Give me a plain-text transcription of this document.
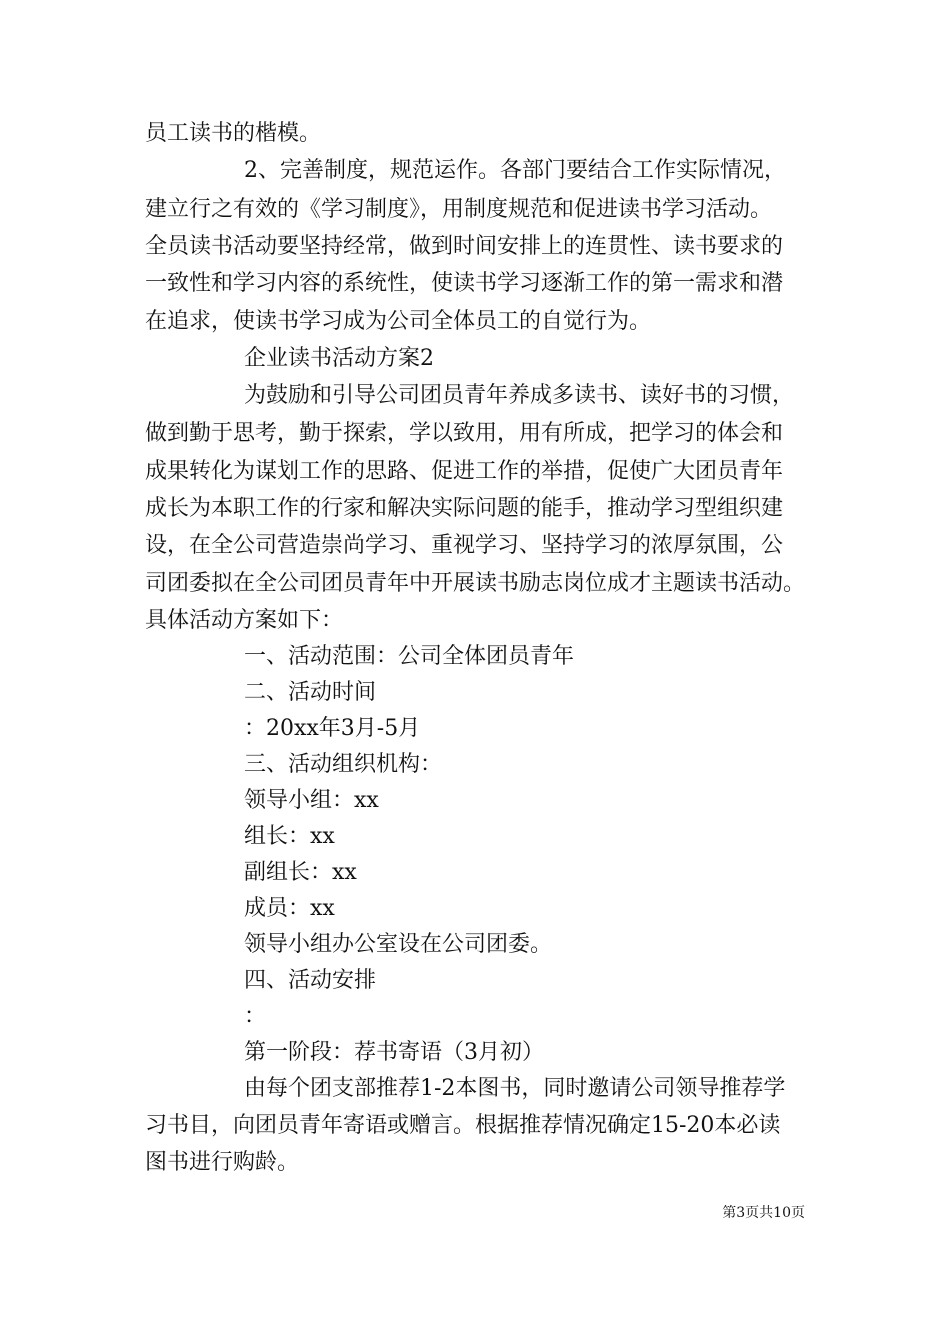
员工读书的楷模。
2、完善制度，规范运作。各部门要结合工作实际情况，
建立行之有效的《学习制度》，用制度规范和促进读书学习活动。
全员读书活动要坚持经常，做到时间安排上的连贯性、读书要求的
一致性和学习内容的系统性，使读书学习逐渐工作的第一需求和潜
在追求，使读书学习成为公司全体员工的自觉行为。
企业读书活动方案2
为鼓励和引导公司团员青年养成多读书、读好书的习惯，
做到勤于思考，勤于探索，学以致用，用有所成，把学习的体会和
成果转化为谋划工作的思路、促进工作的举措，促使广大团员青年
成长为本职工作的行家和解决实际问题的能手，推动学习型组织建
设，在全公司营造崇尚学习、重视学习、坚持学习的浓厚氛围，公
司团委拟在全公司团员青年中开展读书励志岗位成才主题读书活动。
具体活动方案如下：
一、活动范围：公司全体团员青年
二、活动时间
：20xx年3月-5月
三、活动组织机构：
领导小组：xx
组长：xx
副组长：xx
成员：xx
领导小组办公室设在公司团委。
四、活动安排
：
第一阶段：荐书寄语（3月初）
由每个团支部推荐1-2本图书，同时邀请公司领导推荐学
习书目，向团员青年寄语或赠言。根据推荐情况确定15-20本必读
图书进行购龄。
第3页共10页
